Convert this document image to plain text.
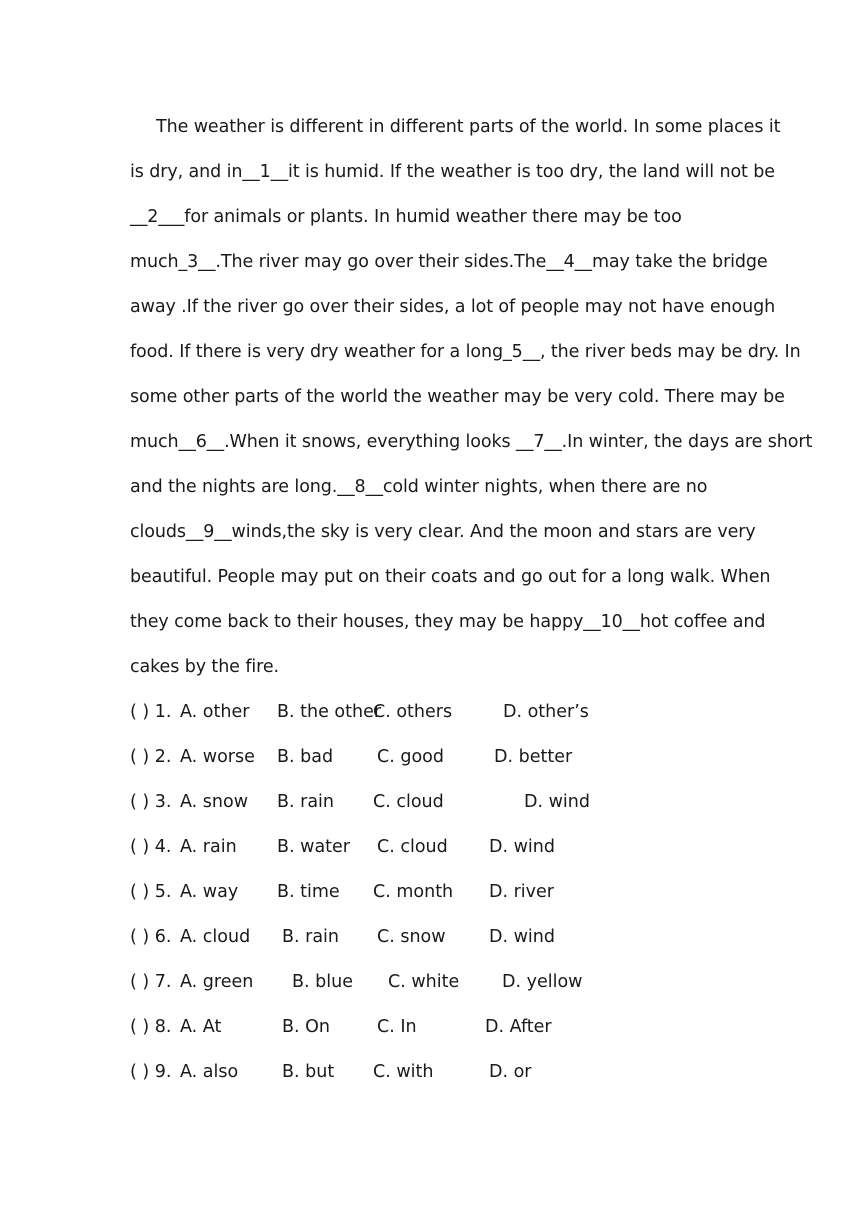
The weather is different in different parts of the world. In some places it
is dry, and in__1__it is humid. If the weather is too dry, the land will not be
__2___for animals or plants. In humid weather there may be too
much_3__.The river may go over their sides.The__4__may take the bridge
away .If the river go over their sides, a lot of people may not have enough
food. If there is very dry weather for a long_5__, the river beds may be dry. In
some other parts of the world the weather may be very cold. There may be
much__6__.When it snows, everything looks __7__.In winter, the days are short
and the nights are long.__8__cold winter nights, when there are no
clouds__9__winds,the sky is very clear. And the moon and stars are very
beautiful. People may put on their coats and go out for a long walk. When
they come back to their houses, they may be happy__10__hot coffee and
cakes by the fire.
( ) 1. A. other B. the other
C. others	D. other’s
( ) 2. A. worse B. bad	C. good	D. better
( ) 3. A. snow B. rain C. cloud	D. wind
( ) 4. A. rain B. water C. cloud D. wind
( ) 5. A. way B. time C. month D. river
( ) 6. A. cloud B. rain C. snow D. wind
( ) 7. A. green B. blue C. white D. yellow
( ) 8. A. At	B. On	C. In	D. After
( ) 9. A. also	B. but C. with	D. or
